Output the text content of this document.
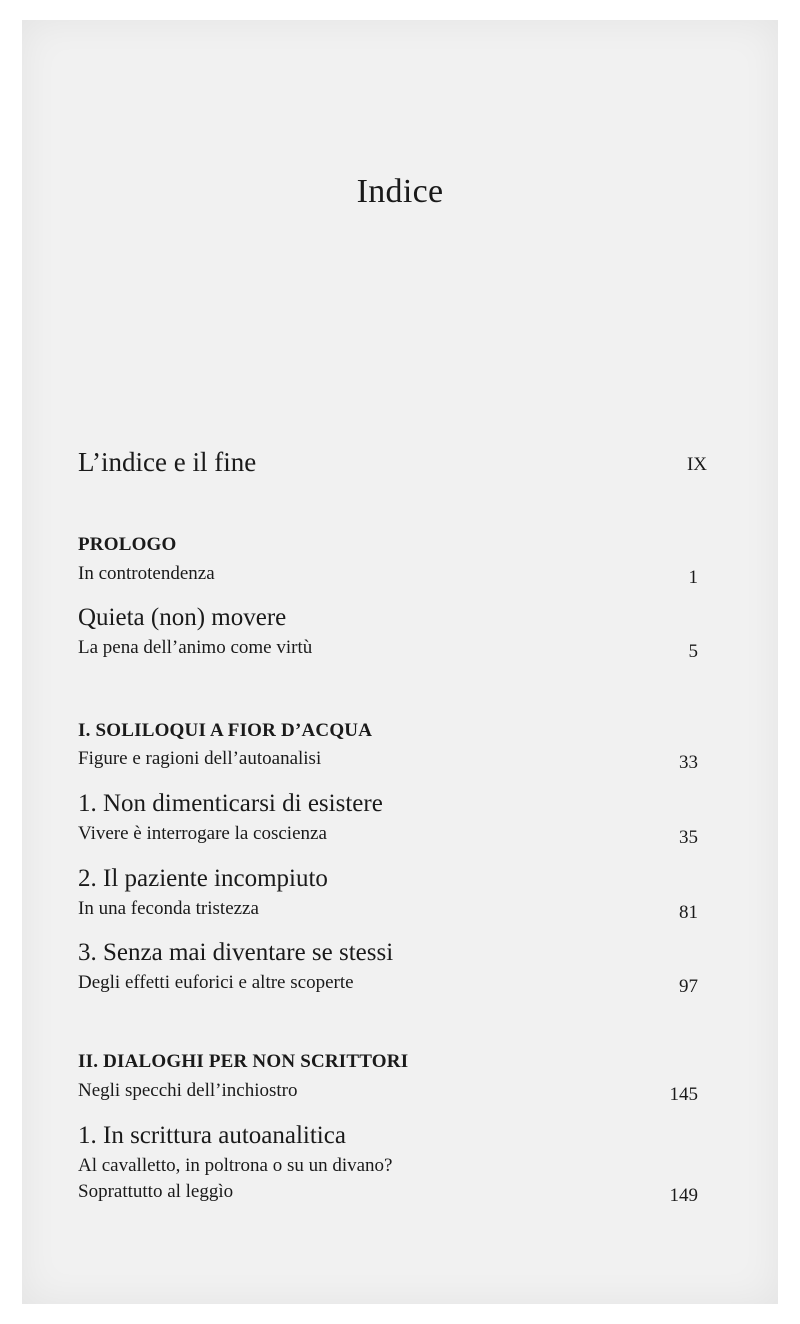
Indice
L’indice e il fine	IX
PROLOGO
In controtendenza	1
Quieta (non) movere
La pena dell’animo come virtù	5
I. SOLILOQUI A FIOR D’ACQUA
Figure e ragioni dell’autoanalisi	33
1. Non dimenticarsi di esistere
Vivere è interrogare la coscienza	35
2. Il paziente incompiuto
In una feconda tristezza	81
3. Senza mai diventare se stessi
Degli effetti euforici e altre scoperte	97
II. DIALOGHI PER NON SCRITTORI
Negli specchi dell’inchiostro	145
1. In scrittura autoanalitica
Al cavalletto, in poltrona o su un divano?
Soprattutto al leggìo	149
